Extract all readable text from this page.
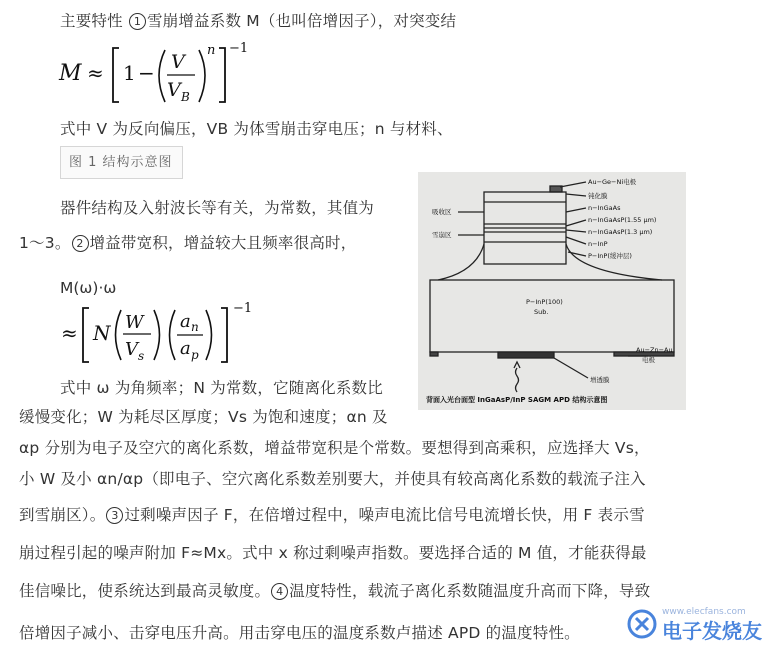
主要特性 1 雪崩增益系数 M（也叫倍增因子），对突变结
M ≈ 1 − V
V B
n −1
式中 V 为反向偏压，VB 为体雪崩击穿电压；n 与材料、
图 1 结构示意图
器件结构及入射波长等有关，为常数，其值为
1～3。 2 增益带宽积，增益较大且频率很高时，
M(ω)·ω
≈ N W
V s
a n
a p
−1
式中 ω 为角频率；N 为常数，它随离化系数比
缓慢变化；W 为耗尽区厚度；Vs 为饱和速度；αn 及
Au−Ge−Ni电极
钝化膜
n−InGaAs
n−InGaAsP(1.55 μm)
n−InGaAsP(1.3 μm)
n−InP
P−InP(缓冲层)
吸收区
雪崩区
P−InP(100)
Sub.
Au−Zn−Au
电极
增透膜
背面入光台面型 InGaAsP/InP SAGM APD 结构示意图
αp 分别为电子及空穴的离化系数，增益带宽积是个常数。要想得到高乘积，应选择大 Vs，
小 W 及小 αn/αp（即电子、空穴离化系数差别要大，并使具有较高离化系数的载流子注入
到雪崩区）。 3 过剩噪声因子 F，在倍增过程中，噪声电流比信号电流增长快，用 F 表示雪
崩过程引起的噪声附加 F≈Mx。式中 x 称过剩噪声指数。要选择合适的 M 值，才能获得最
佳信噪比，使系统达到最高灵敏度。 4 温度特性，载流子离化系数随温度升高而下降，导致
倍增因子减小、击穿电压升高。用击穿电压的温度系数卢描述 APD 的温度特性。
www.elecfans.com
电子发烧友
